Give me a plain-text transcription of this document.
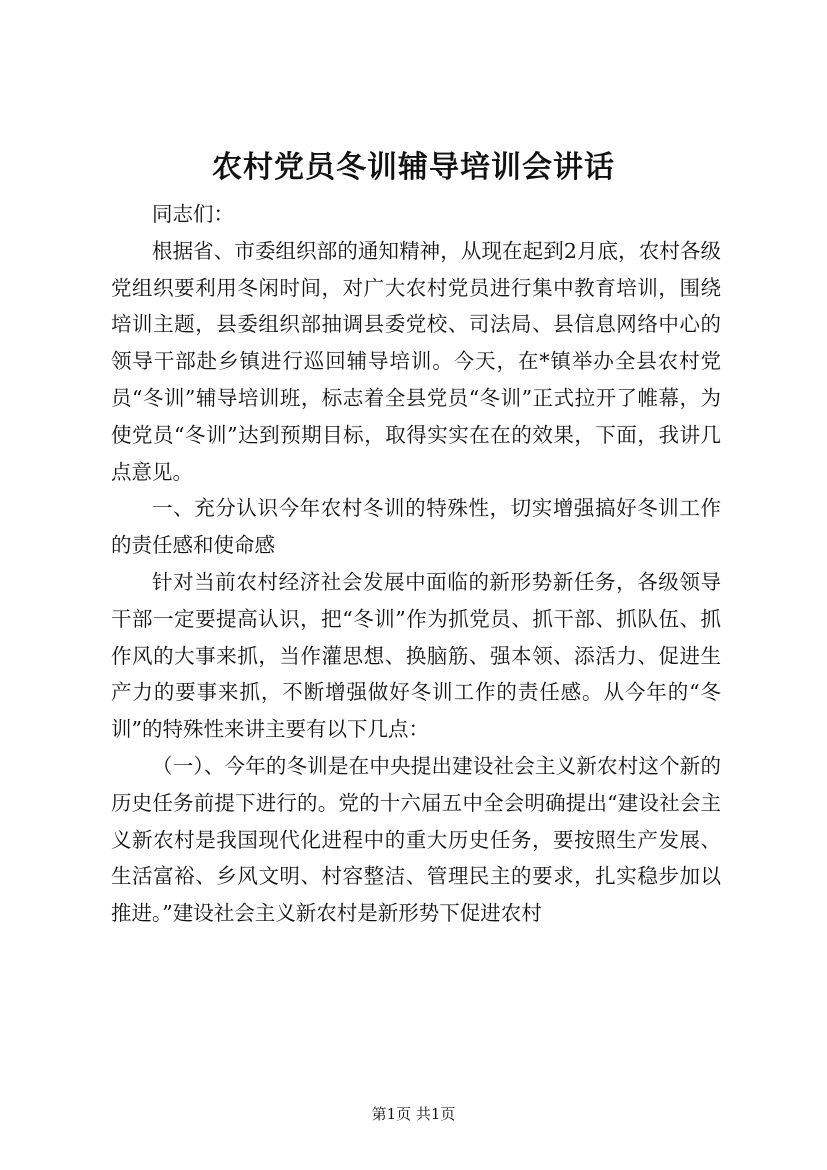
农村党员冬训辅导培训会讲话

同志们：

根据省、市委组织部的通知精神，从现在起到2月底，农村各级党组织要利用冬闲时间，对广大农村党员进行集中教育培训，围绕培训主题，县委组织部抽调县委党校、司法局、县信息网络中心的领导干部赴乡镇进行巡回辅导培训。今天，在*镇举办全县农村党员“冬训”辅导培训班，标志着全县党员“冬训”正式拉开了帷幕，为使党员“冬训”达到预期目标，取得实实在在的效果，下面，我讲几点意见。

一、充分认识今年农村冬训的特殊性，切实增强搞好冬训工作的责任感和使命感

针对当前农村经济社会发展中面临的新形势新任务，各级领导干部一定要提高认识，把“冬训”作为抓党员、抓干部、抓队伍、抓作风的大事来抓，当作灌思想、换脑筋、强本领、添活力、促进生产力的要事来抓，不断增强做好冬训工作的责任感。从今年的“冬训”的特殊性来讲主要有以下几点：

（一）、今年的冬训是在中央提出建设社会主义新农村这个新的历史任务前提下进行的。党的十六届五中全会明确提出“建设社会主义新农村是我国现代化进程中的重大历史任务，要按照生产发展、生活富裕、乡风文明、村容整洁、管理民主的要求，扎实稳步加以推进。”建设社会主义新农村是新形势下促进农村

第1页 共1页
